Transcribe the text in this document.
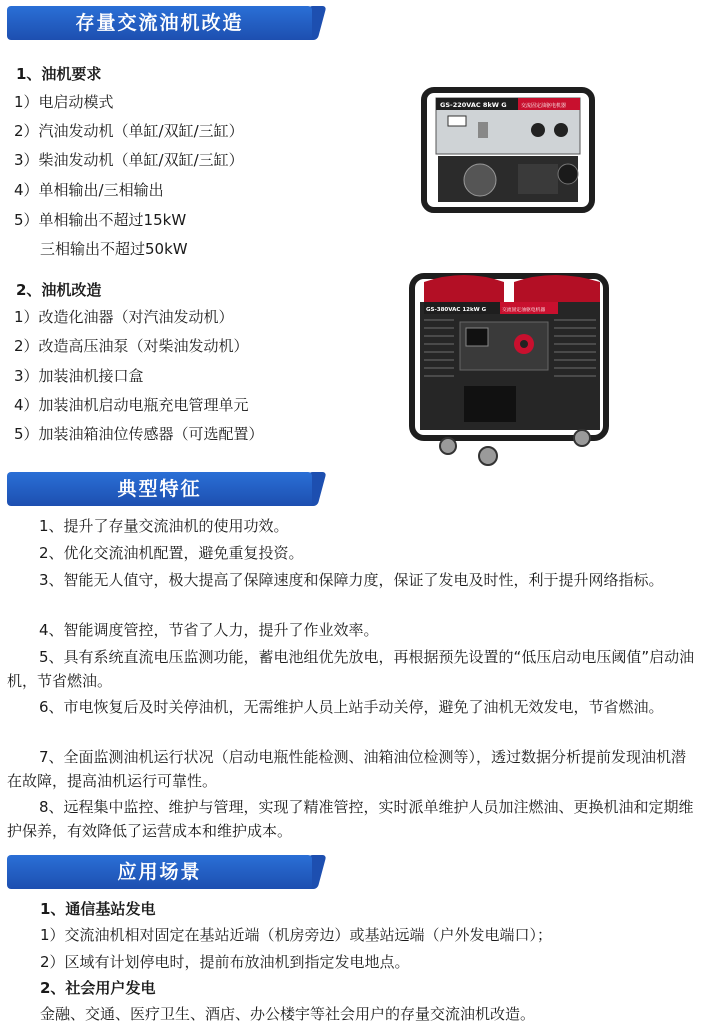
存量交流油机改造
1、油机要求
1）电启动模式
2）汽油发动机（单缸/双缸/三缸）
3）柴油发动机（单缸/双缸/三缸）
4）单相输出/三相输出
5）单相输出不超过15kW
三相输出不超过50kW
2、油机改造
1）改造化油器（对汽油发动机）
2）改造高压油泵（对柴油发动机）
3）加装油机接口盒
4）加装油机启动电瓶充电管理单元
5）加装油箱油位传感器（可选配置）
GS-220VAC 8kW G	交流固定油驱电机器
GS-380VAC 12kW G	交流固定油驱电机器
典型特征
1、提升了存量交流油机的使用功效。
2、优化交流油机配置，避免重复投资。
3、智能无人值守，极大提高了保障速度和保障力度，保证了发电及时性，利于提升网络指标。
4、智能调度管控，节省了人力，提升了作业效率。
5、具有系统直流电压监测功能，蓄电池组优先放电，再根据预先设置的“低压启动电压阈值”启动油机，节省燃油。
6、市电恢复后及时关停油机，无需维护人员上站手动关停，避免了油机无效发电，节省燃油。
7、全面监测油机运行状况（启动电瓶性能检测、油箱油位检测等），透过数据分析提前发现油机潜在故障，提高油机运行可靠性。
8、远程集中监控、维护与管理，实现了精准管控，实时派单维护人员加注燃油、更换机油和定期维护保养，有效降低了运营成本和维护成本。
应用场景
1、通信基站发电
1）交流油机相对固定在基站近端（机房旁边）或基站远端（户外发电端口）；
2）区域有计划停电时，提前布放油机到指定发电地点。
2、社会用户发电
金融、交通、医疗卫生、酒店、办公楼宇等社会用户的存量交流油机改造。
